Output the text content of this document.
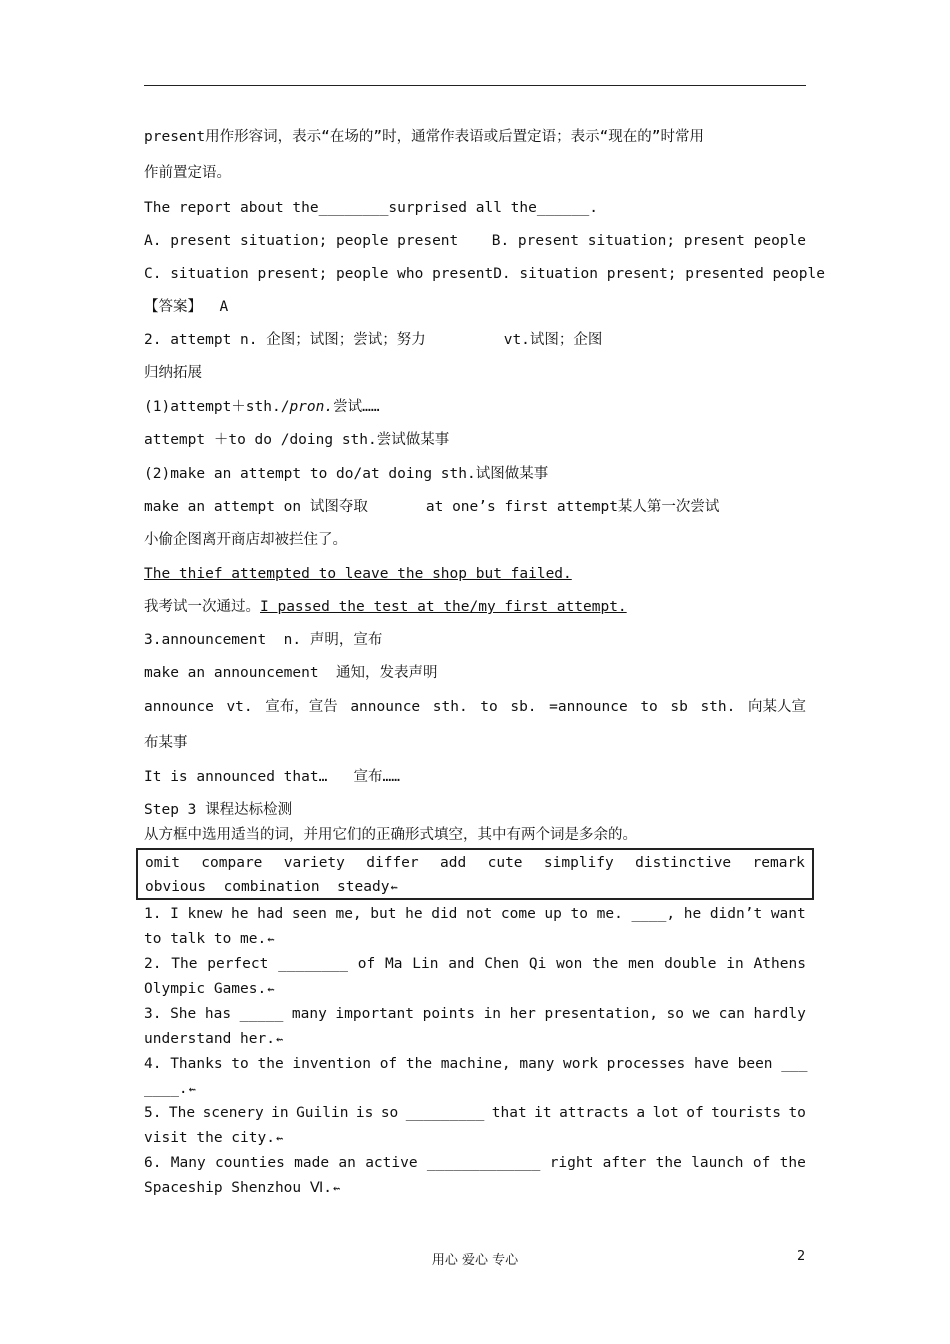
present用作形容词，表示“在场的”时，通常作表语或后置定语；表示“现在的”时常用
作前置定语。
The report about the________surprised all the______.
A. present situation; people present B. present situation; present people
C. situation present; people who present D. situation present; presented people
【答案】  A
2. attempt n. 企图；试图；尝试；努力	vt.试图；企图
归纳拓展
(1)attempt＋sth./pron.尝试……
attempt ＋to do /doing sth.尝试做某事
(2)make an attempt to do/at doing sth.试图做某事
make an attempt on 试图夺取	at one’s first attempt某人第一次尝试
小偷企图离开商店却被拦住了。
The thief attempted to leave the shop but failed.
我考试一次通过。I passed the test at the/my first attempt.
3.announcement  n. 声明，宣布
make an announcement  通知，发表声明
announce vt. 宣布，宣告 announce sth. to sb. =announce to sb sth. 向某人宣
布某事
It is announced that…   宣布……
Step 3 课程达标检测
从方框中选用适当的词，并用它们的正确形式填空，其中有两个词是多余的。
omit compare variety differ add cute simplify distinctive remark
obvious  combination  steady⇜
1. I knew he had seen me, but he did not come up to me. ____, he didn’t want
to talk to me.⇜
2. The perfect ________ of Ma Lin and Chen Qi won the men double in Athens
Olympic Games.⇜
3. She has _____ many important points in her presentation, so we can hardly
understand her.⇜
4. Thanks to the invention of the machine, many work processes have been ___
____.⇜
5. The scenery in Guilin is so _________ that it attracts a lot of tourists to
visit the city.⇜
6. Many counties made an active _____________ right after the launch of the
Spaceship Shenzhou Ⅵ.⇜
用心 爱心 专心	2
